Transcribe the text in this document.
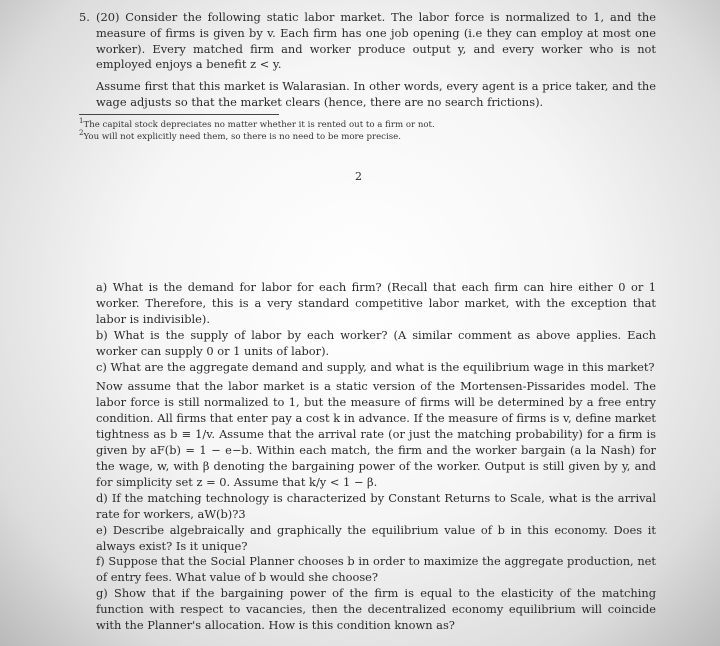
5. (20) Consider the following static labor market. The labor force is normalized to 1, and the measure of firms is given by v. Each firm has one job opening (i.e they can employ at most one worker). Every matched firm and worker produce output y, and every worker who is not employed enjoys a benefit z < y.

Assume first that this market is Walarasian. In other words, every agent is a price taker, and the wage adjusts so that the market clears (hence, there are no search frictions).

$^1$The capital stock depreciates no matter whether it is rented out to a firm or not.
$^2$You will not explicitly need them, so there is no need to be more precise.
2

a) What is the demand for labor for each firm? (Recall that each firm can hire either 0 or 1 worker. Therefore, this is a very standard competitive labor market, with the exception that labor is indivisible).

b) What is the supply of labor by each worker? (A similar comment as above applies. Each worker can supply 0 or 1 units of labor).

c) What are the aggregate demand and supply, and what is the equilibrium wage in this market?

Now assume that the labor market is a static version of the Mortensen-Pissarides model. The labor force is still normalized to 1, but the measure of firms will be determined by a free entry condition. All firms that enter pay a cost k in advance. If the measure of firms is v, define market tightness as b ≡ 1/v. Assume that the arrival rate (or just the matching probability) for a firm is given by aF(b) = 1 − e−b. Within each match, the firm and the worker bargain (a la Nash) for the wage, w, with β denoting the bargaining power of the worker. Output is still given by y, and for simplicity set z = 0. Assume that k/y < 1 − β.

d) If the matching technology is characterized by Constant Returns to Scale, what is the arrival rate for workers, aW(b)?3

e) Describe algebraically and graphically the equilibrium value of b in this economy. Does it always exist? Is it unique?

f) Suppose that the Social Planner chooses b in order to maximize the aggregate production, net of entry fees. What value of b would she choose?

g) Show that if the bargaining power of the firm is equal to the elasticity of the matching function with respect to vacancies, then the decentralized economy equilibrium will coincide with the Planner's allocation. How is this condition known as?
